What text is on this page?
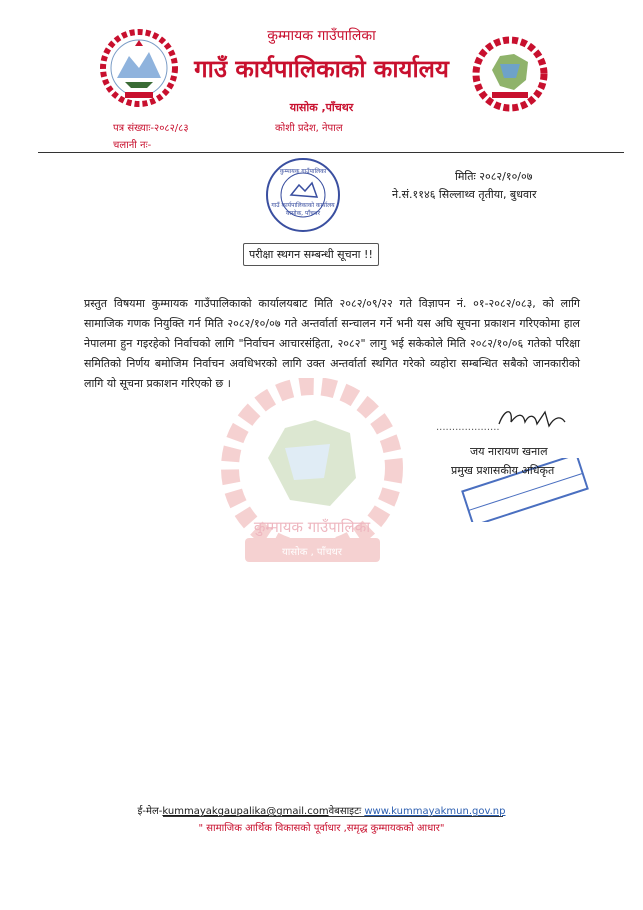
कुम्मायक गाउँपालिका
गाउँ कार्यपालिकाको कार्यालय
यासोक ,पाँचथर
कोशी प्रदेश, नेपाल
पत्र संख्याः-२०८२/८३
चलानी नः-
गाउँ कार्यपालिकाको कार्यालय
यासोक, पाँचथर
कुम्मायक गाउँपालिका	मितिः २०८२/१०/०७
ने.सं.११४६ सिल्लाथ्व तृतीया, बुधवार
परीक्षा स्थगन सम्बन्धी सूचना !!
कुम्मायक गाउँपालिका
यासोक , पाँचथर
प्रस्तुत विषयमा कुम्मायक गाउँपालिकाको कार्यालयबाट मिति २०८२/०९/२२ गते विज्ञापन नं. ०१-२०८२/०८३, को लागि सामाजिक गणक नियुक्ति गर्न मिति २०८२/१०/०७ गते अन्तर्वार्ता सन्चालन गर्ने भनी यस अघि सूचना प्रकाशन गरिएकोमा हाल नेपालमा हुन गइरहेको निर्वाचको लागि "निर्वाचन आचारसंहिता, २०८२" लागु भई सकेकोले मिति २०८२/१०/०६ गतेको परिक्षा समितिको निर्णय बमोजिम निर्वाचन अवधिभरको लागि उक्त अन्तर्वार्ता स्थगित गरेको व्यहोरा सम्बन्धित सबैको जानकारीको लागि यो सूचना प्रकाशन गरिएको छ ।
....................
जय नारायण खनाल
प्रमुख प्रशासकीय अधिकृत
ई-मेल-kummayakgaupalika@gmail.comवेबसाइटः www.kummayakmun.gov.np
" सामाजिक आर्थिक विकासको पूर्वाधार ,समृद्ध कुम्मायकको आधार"
